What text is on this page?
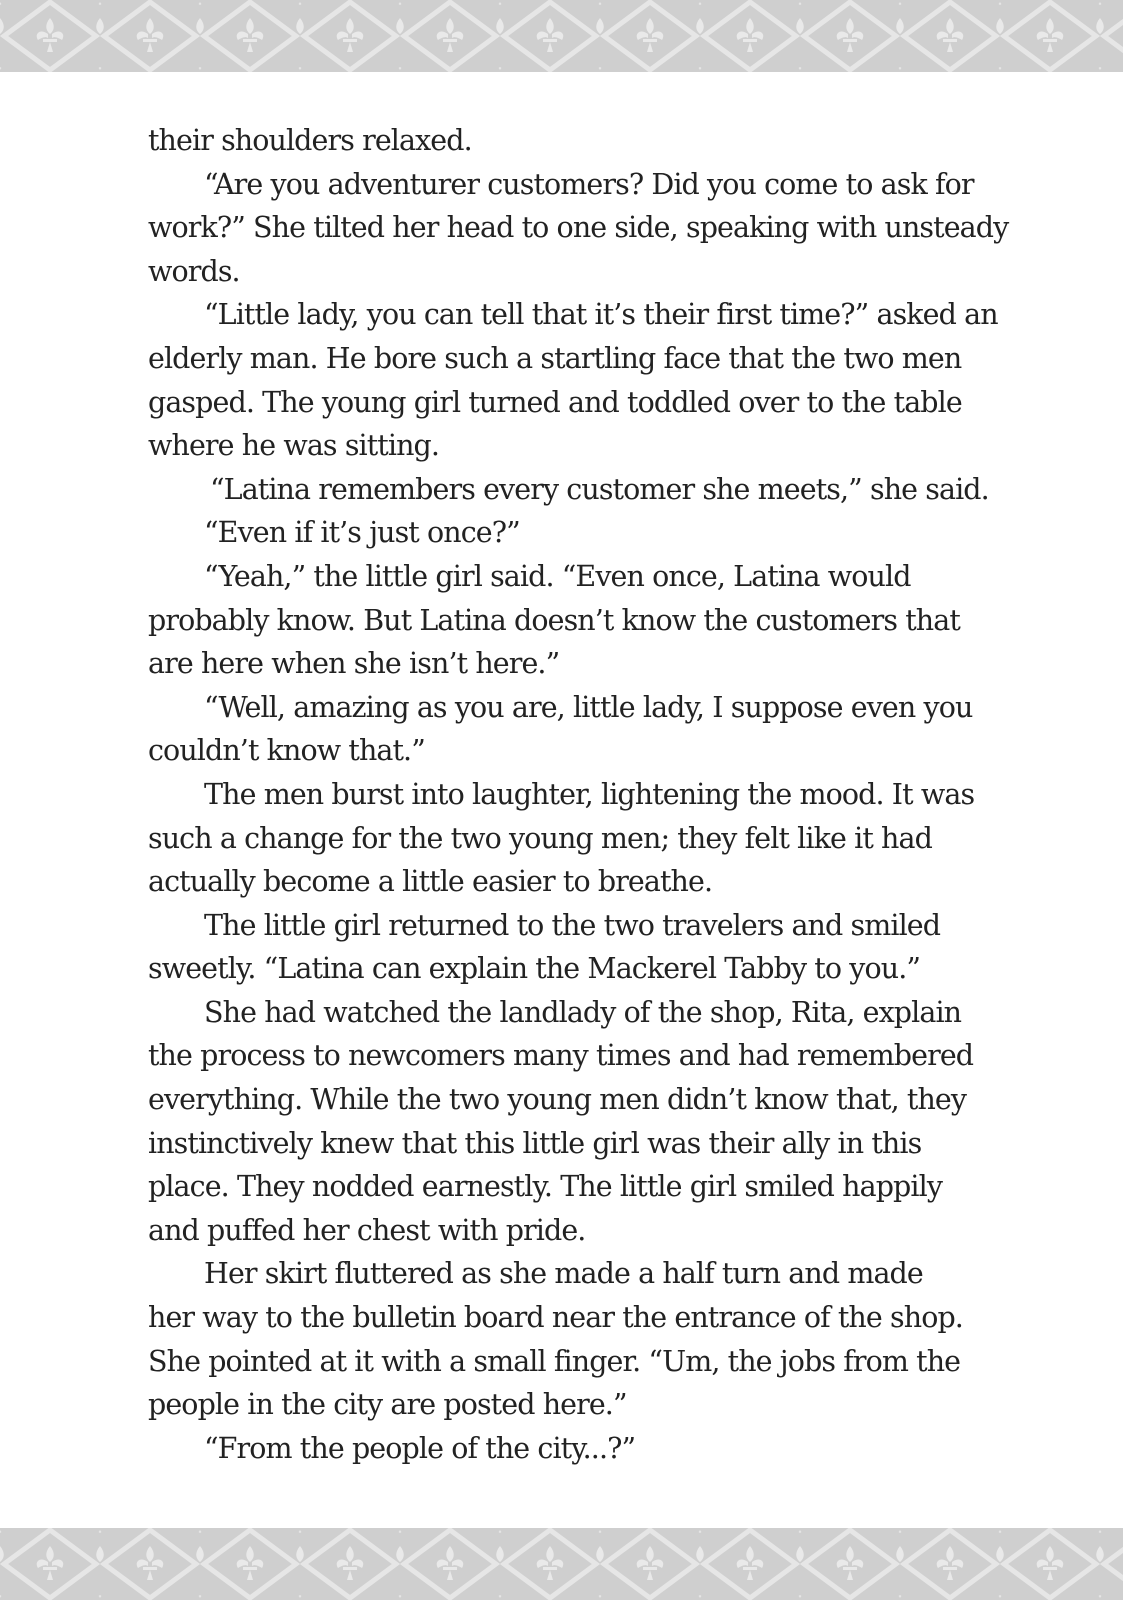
their shoulders relaxed.
“Are you adventurer customers? Did you come to ask for
work?” She tilted her head to one side, speaking with unsteady
words.
“Little lady, you can tell that it’s their first time?” asked an
elderly man. He bore such a startling face that the two men
gasped. The young girl turned and toddled over to the table
where he was sitting.
“Latina remembers every customer she meets,” she said.
“Even if it’s just once?”
“Yeah,” the little girl said. “Even once, Latina would
probably know. But Latina doesn’t know the customers that
are here when she isn’t here.”
“Well, amazing as you are, little lady, I suppose even you
couldn’t know that.”
The men burst into laughter, lightening the mood. It was
such a change for the two young men; they felt like it had
actually become a little easier to breathe.
The little girl returned to the two travelers and smiled
sweetly. “Latina can explain the Mackerel Tabby to you.”
She had watched the landlady of the shop, Rita, explain
the process to newcomers many times and had remembered
everything. While the two young men didn’t know that, they
instinctively knew that this little girl was their ally in this
place. They nodded earnestly. The little girl smiled happily
and puffed her chest with pride.
Her skirt fluttered as she made a half turn and made
her way to the bulletin board near the entrance of the shop.
She pointed at it with a small finger. “Um, the jobs from the
people in the city are posted here.”
“From the people of the city...?”
